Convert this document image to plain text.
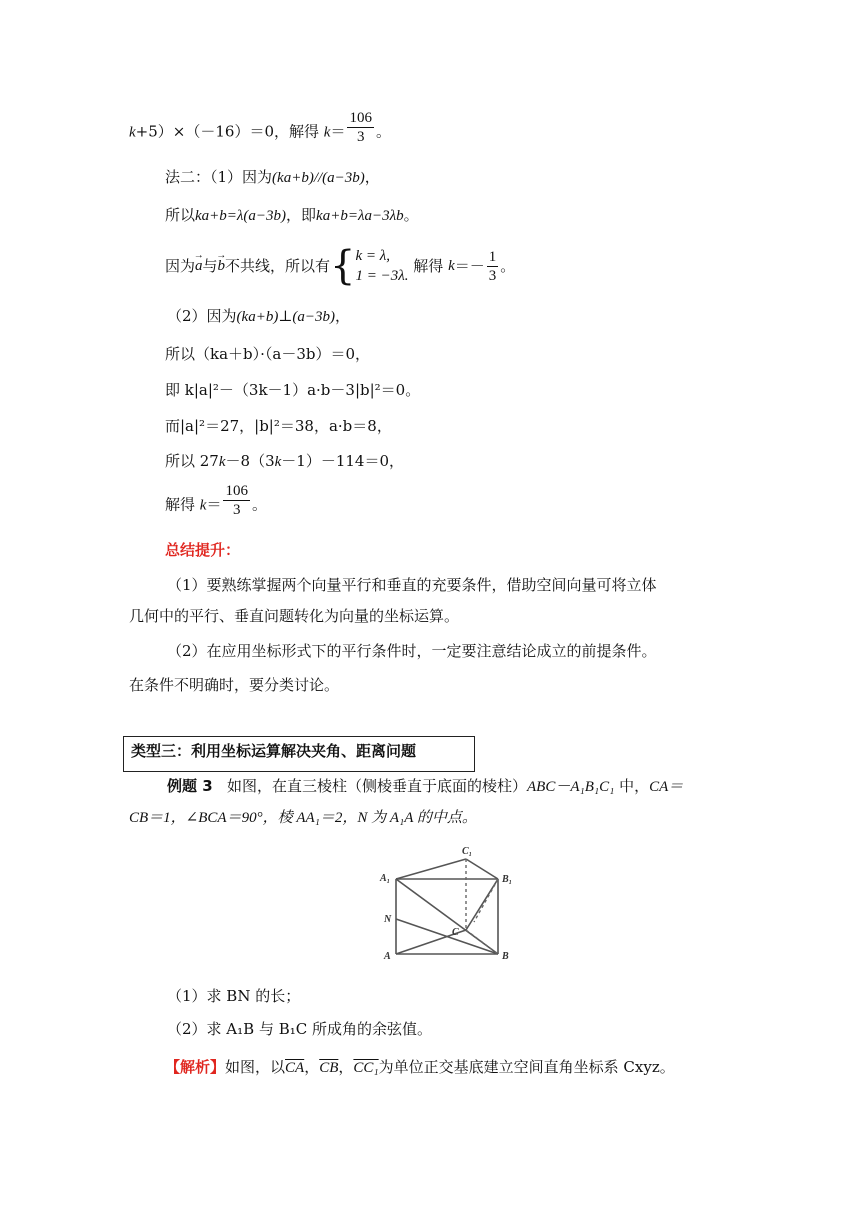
k+5）×（－16）＝0，解得 $k= \frac{106}{3}$ 。
法二：（1）因为(ka+b)//(a−3b)，
所以ka+b=λ(a−3b)，即ka+b=λa−3λb。
因为→ a与→ b不共线，所以有{ k = λ,
1 = −3λ.
解得 $k=- \frac{1}{3}$ 。
（2）因为(ka+b)⊥(a−3b)，
所以（ka＋b）·（a－3b）＝0，
即 k|a|²－（3k－1）a·b－3|b|²＝0。
而|a|²＝27，|b|²＝38，a·b＝8，
所以 27k－8（3k－1）－114＝0，
解得 $k= \frac{106}{3}$ 。
总结提升：
（1）要熟练掌握两个向量平行和垂直的充要条件，借助空间向量可将立体
几何中的平行、垂直问题转化为向量的坐标运算。
（2）在应用坐标形式下的平行条件时，一定要注意结论成立的前提条件。
在条件不明确时，要分类讨论。
类型三：利用坐标运算解决夹角、距离问题
例题 3 如图，在直三棱柱（侧棱垂直于底面的棱柱）ABC－A₁B₁C₁ 中，CA＝
CB＝1，∠BCA＝90°，棱 AA₁＝2，N 为 A₁A 的中点。
A₁	B₁
C₁
N
C
A	B
（1）求 BN 的长；
（2）求 A₁B 与 B₁C 所成角的余弦值。
【解析】如图，以$\overline{CA}$，$\overline{CB}$，CC₁为单位正交基底建立空间直角坐标系 Cxyz。
